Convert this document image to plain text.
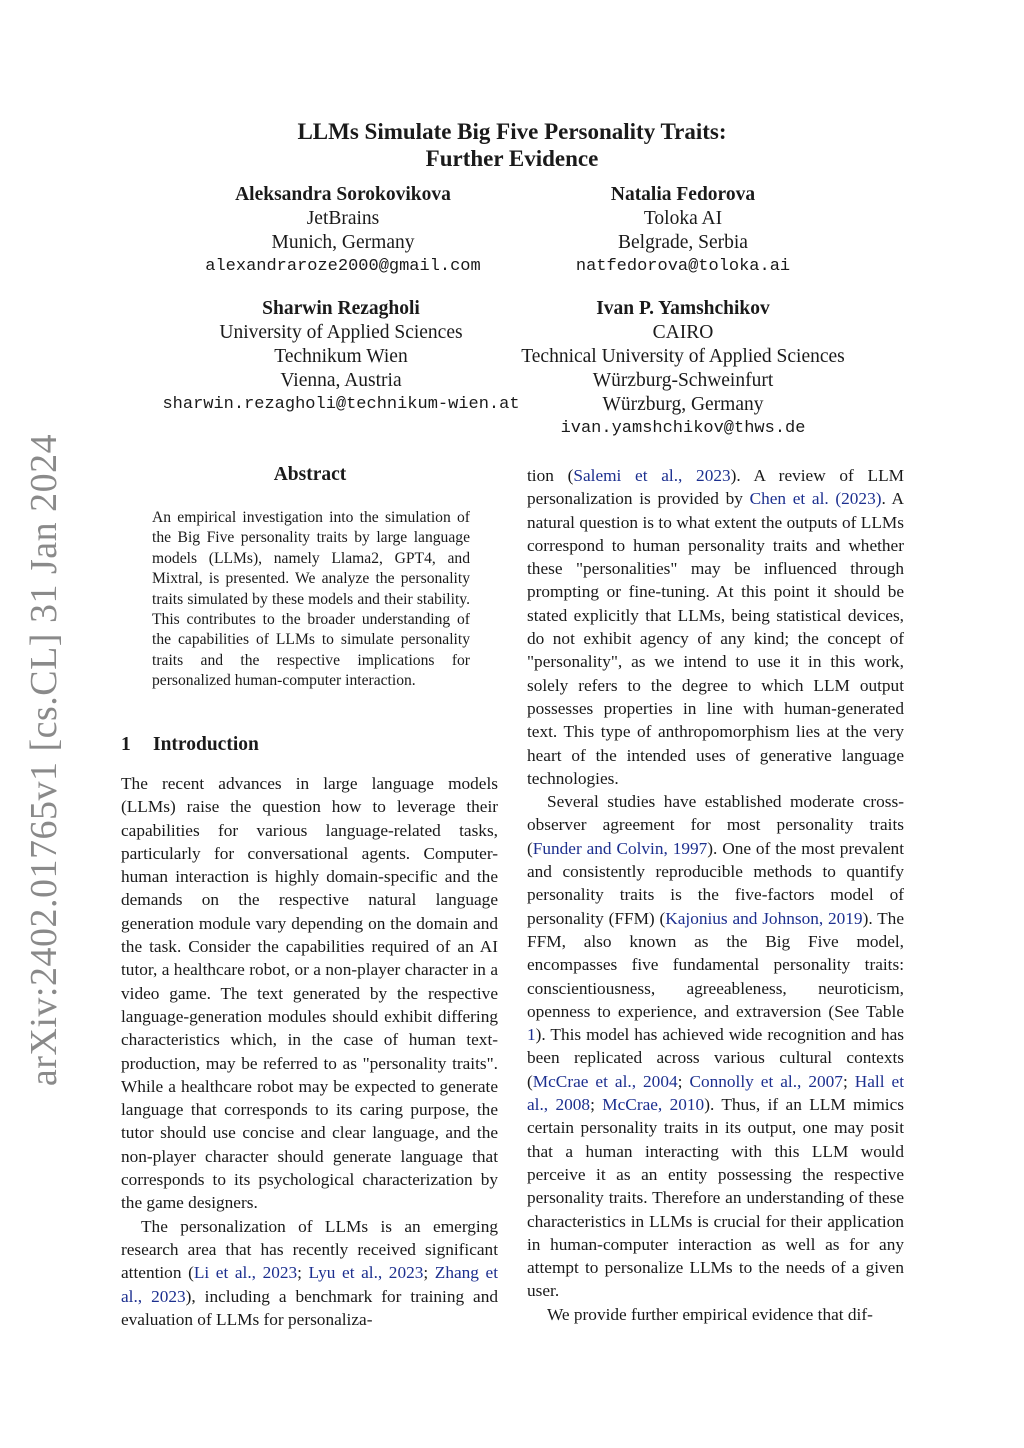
arXiv:2402.01765v1 [cs.CL] 31 Jan 2024
LLMs Simulate Big Five Personality Traits:
Further Evidence
Aleksandra Sorokovikova
JetBrains
Munich, Germany
alexandraroze2000@gmail.com
Natalia Fedorova
Toloka AI
Belgrade, Serbia
natfedorova@toloka.ai
Sharwin Rezagholi
University of Applied Sciences
Technikum Wien
Vienna, Austria
sharwin.rezagholi@technikum-wien.at
Ivan P. Yamshchikov
CAIRO
Technical University of Applied Sciences
Würzburg-Schweinfurt
Würzburg, Germany
ivan.yamshchikov@thws.de
Abstract
An empirical investigation into the simulation of the Big Five personality traits by large language models (LLMs), namely Llama2, GPT4, and Mixtral, is presented. We analyze the personality traits simulated by these models and their stability. This contributes to the broader understanding of the capabilities of LLMs to simulate personality traits and the respective implications for personalized human-computer interaction.
1 Introduction

The recent advances in large language models (LLMs) raise the question how to leverage their capabilities for various language-related tasks, particularly for conversational agents. Computer-human interaction is highly domain-specific and the demands on the respective natural language generation module vary depending on the domain and the task. Consider the capabilities required of an AI tutor, a healthcare robot, or a non-player character in a video game. The text generated by the respective language-generation modules should exhibit differing characteristics which, in the case of human text-production, may be referred to as "personality traits". While a healthcare robot may be expected to generate language that corresponds to its caring purpose, the tutor should use concise and clear language, and the non-player character should generate language that corresponds to its psychological characterization by the game designers.

The personalization of LLMs is an emerging research area that has recently received significant attention (Li et al., 2023; Lyu et al., 2023; Zhang et al., 2023), including a benchmark for training and evaluation of LLMs for personaliza-

tion (Salemi et al., 2023). A review of LLM personalization is provided by Chen et al. (2023). A natural question is to what extent the outputs of LLMs correspond to human personality traits and whether these "personalities" may be influenced through prompting or fine-tuning. At this point it should be stated explicitly that LLMs, being statistical devices, do not exhibit agency of any kind; the concept of "personality", as we intend to use it in this work, solely refers to the degree to which LLM output possesses properties in line with human-generated text. This type of anthropomorphism lies at the very heart of the intended uses of generative language technologies.

Several studies have established moderate cross-observer agreement for most personality traits (Funder and Colvin, 1997). One of the most prevalent and consistently reproducible methods to quantify personality traits is the five-factors model of personality (FFM) (Kajonius and Johnson, 2019). The FFM, also known as the Big Five model, encompasses five fundamental personality traits: conscientiousness, agreeableness, neuroticism, openness to experience, and extraversion (See Table 1). This model has achieved wide recognition and has been replicated across various cultural contexts (McCrae et al., 2004; Connolly et al., 2007; Hall et al., 2008; McCrae, 2010). Thus, if an LLM mimics certain personality traits in its output, one may posit that a human interacting with this LLM would perceive it as an entity possessing the respective personality traits. Therefore an understanding of these characteristics in LLMs is crucial for their application in human-computer interaction as well as for any attempt to personalize LLMs to the needs of a given user.

We provide further empirical evidence that dif-
